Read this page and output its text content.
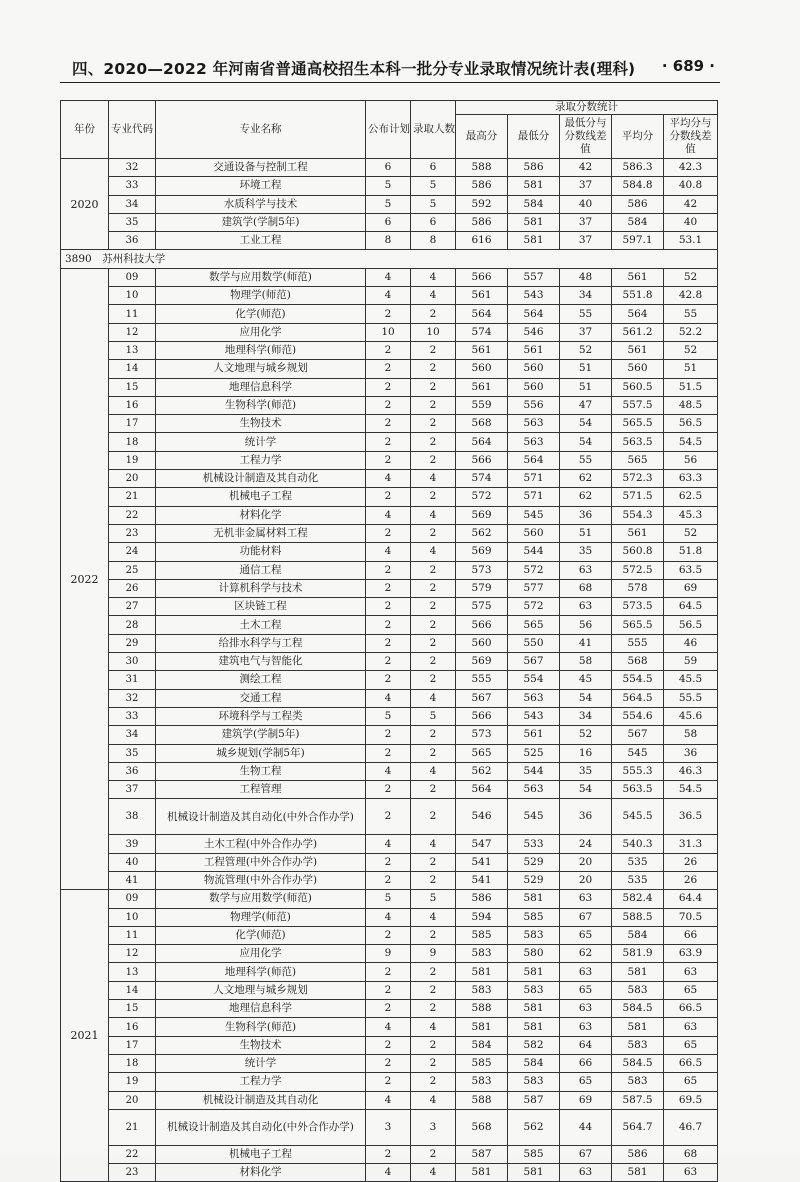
四、2020—2022 年河南省普通高校招生本科一批分专业录取情况统计表(理科) · 689 ·
年份	专业代码	专业名称	公布计划	录取人数	录取分数统计				
					最高分	最低分	最低分与分数线差值	平均分	平均分与分数线差值
2020	32	交通设备与控制工程	6	6	588	586	42	586.3	42.3
	33	环境工程	5	5	586	581	37	584.8	40.8
	34	水质科学与技术	5	5	592	584	40	586	42
	35	建筑学(学制5年)	6	6	586	581	37	584	40
	36	工业工程	8	8	616	581	37	597.1	53.1
3890　苏州科技大学									
2022	09	数学与应用数学(师范)	4	4	566	557	48	561	52
	10	物理学(师范)	4	4	561	543	34	551.8	42.8
	11	化学(师范)	2	2	564	564	55	564	55
	12	应用化学	10	10	574	546	37	561.2	52.2
	13	地理科学(师范)	2	2	561	561	52	561	52
	14	人文地理与城乡规划	2	2	560	560	51	560	51
	15	地理信息科学	2	2	561	560	51	560.5	51.5
	16	生物科学(师范)	2	2	559	556	47	557.5	48.5
	17	生物技术	2	2	568	563	54	565.5	56.5
	18	统计学	2	2	564	563	54	563.5	54.5
	19	工程力学	2	2	566	564	55	565	56
	20	机械设计制造及其自动化	4	4	574	571	62	572.3	63.3
	21	机械电子工程	2	2	572	571	62	571.5	62.5
	22	材料化学	4	4	569	545	36	554.3	45.3
	23	无机非金属材料工程	2	2	562	560	51	561	52
	24	功能材料	4	4	569	544	35	560.8	51.8
	25	通信工程	2	2	573	572	63	572.5	63.5
	26	计算机科学与技术	2	2	579	577	68	578	69
	27	区块链工程	2	2	575	572	63	573.5	64.5
	28	土木工程	2	2	566	565	56	565.5	56.5
	29	给排水科学与工程	2	2	560	550	41	555	46
	30	建筑电气与智能化	2	2	569	567	58	568	59
	31	测绘工程	2	2	555	554	45	554.5	45.5
	32	交通工程	4	4	567	563	54	564.5	55.5
	33	环境科学与工程类	5	5	566	543	34	554.6	45.6
	34	建筑学(学制5年)	2	2	573	561	52	567	58
	35	城乡规划(学制5年)	2	2	565	525	16	545	36
	36	生物工程	4	4	562	544	35	555.3	46.3
	37	工程管理	2	2	564	563	54	563.5	54.5
	38	机械设计制造及其自动化(中外合作办学)	2	2	546	545	36	545.5	36.5
	39	土木工程(中外合作办学)	4	4	547	533	24	540.3	31.3
	40	工程管理(中外合作办学)	2	2	541	529	20	535	26
	41	物流管理(中外合作办学)	2	2	541	529	20	535	26
2021	09	数学与应用数学(师范)	5	5	586	581	63	582.4	64.4
	10	物理学(师范)	4	4	594	585	67	588.5	70.5
	11	化学(师范)	2	2	585	583	65	584	66
	12	应用化学	9	9	583	580	62	581.9	63.9
	13	地理科学(师范)	2	2	581	581	63	581	63
	14	人文地理与城乡规划	2	2	583	583	65	583	65
	15	地理信息科学	2	2	588	581	63	584.5	66.5
	16	生物科学(师范)	4	4	581	581	63	581	63
	17	生物技术	2	2	584	582	64	583	65
	18	统计学	2	2	585	584	66	584.5	66.5
	19	工程力学	2	2	583	583	65	583	65
	20	机械设计制造及其自动化	4	4	588	587	69	587.5	69.5
	21	机械设计制造及其自动化(中外合作办学)	3	3	568	562	44	564.7	46.7
	22	机械电子工程	2	2	587	585	67	586	68
	23	材料化学	4	4	581	581	63	581	63
